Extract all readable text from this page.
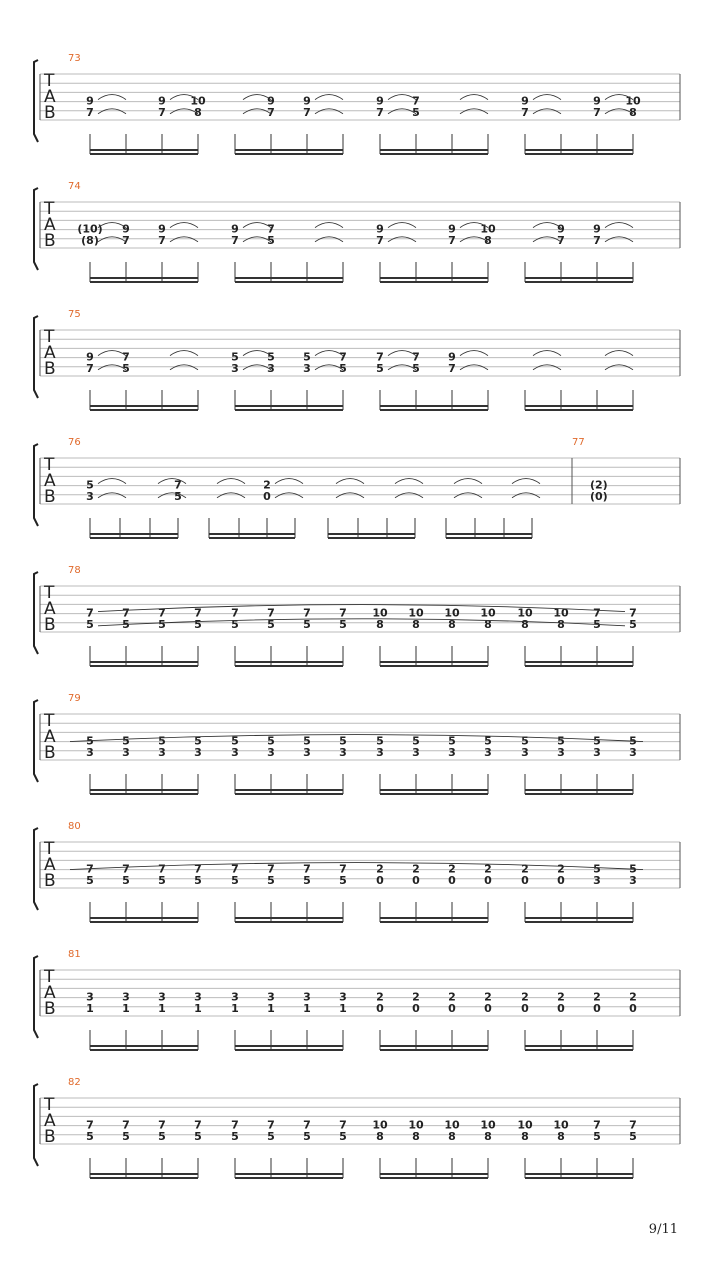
73
T
A
B
9
7
9
7
10
8
9
7
9
7
9
7
7
5
9
7
9
7
10
8
74
T
A
B
(10)
(8)
9
7
9
7
9
7
7
5
9
7
9
7
10
8
9
7
9
7
75
T
A
B
9
7
7
5
5
3
5
3
5
3
7
5
7
5
7
5
9
7
76
T
A
B
77
(2)
(0)
5
3
7
5
2
0
78
T
A
B
7
5
7
5
7
5
7
5
7
5
7
5
7
5
7
5
10
8
10
8
10
8
10
8
10
8
10
8
7
5
7
5
79
T
A
B
5
3
5
3
5
3
5
3
5
3
5
3
5
3
5
3
5
3
5
3
5
3
5
3
5
3
5
3
5
3
5
3
80
T
A
B
7
5
7
5
7
5
7
5
7
5
7
5
7
5
7
5
2
0
2
0
2
0
2
0
2
0
2
0
5
3
5
3
81
T
A
B
3
1
3
1
3
1
3
1
3
1
3
1
3
1
3
1
2
0
2
0
2
0
2
0
2
0
2
0
2
0
2
0
82
T
A
B
7
5
7
5
7
5
7
5
7
5
7
5
7
5
7
5
10
8
10
8
10
8
10
8
10
8
10
8
7
5
7
5
9/11
